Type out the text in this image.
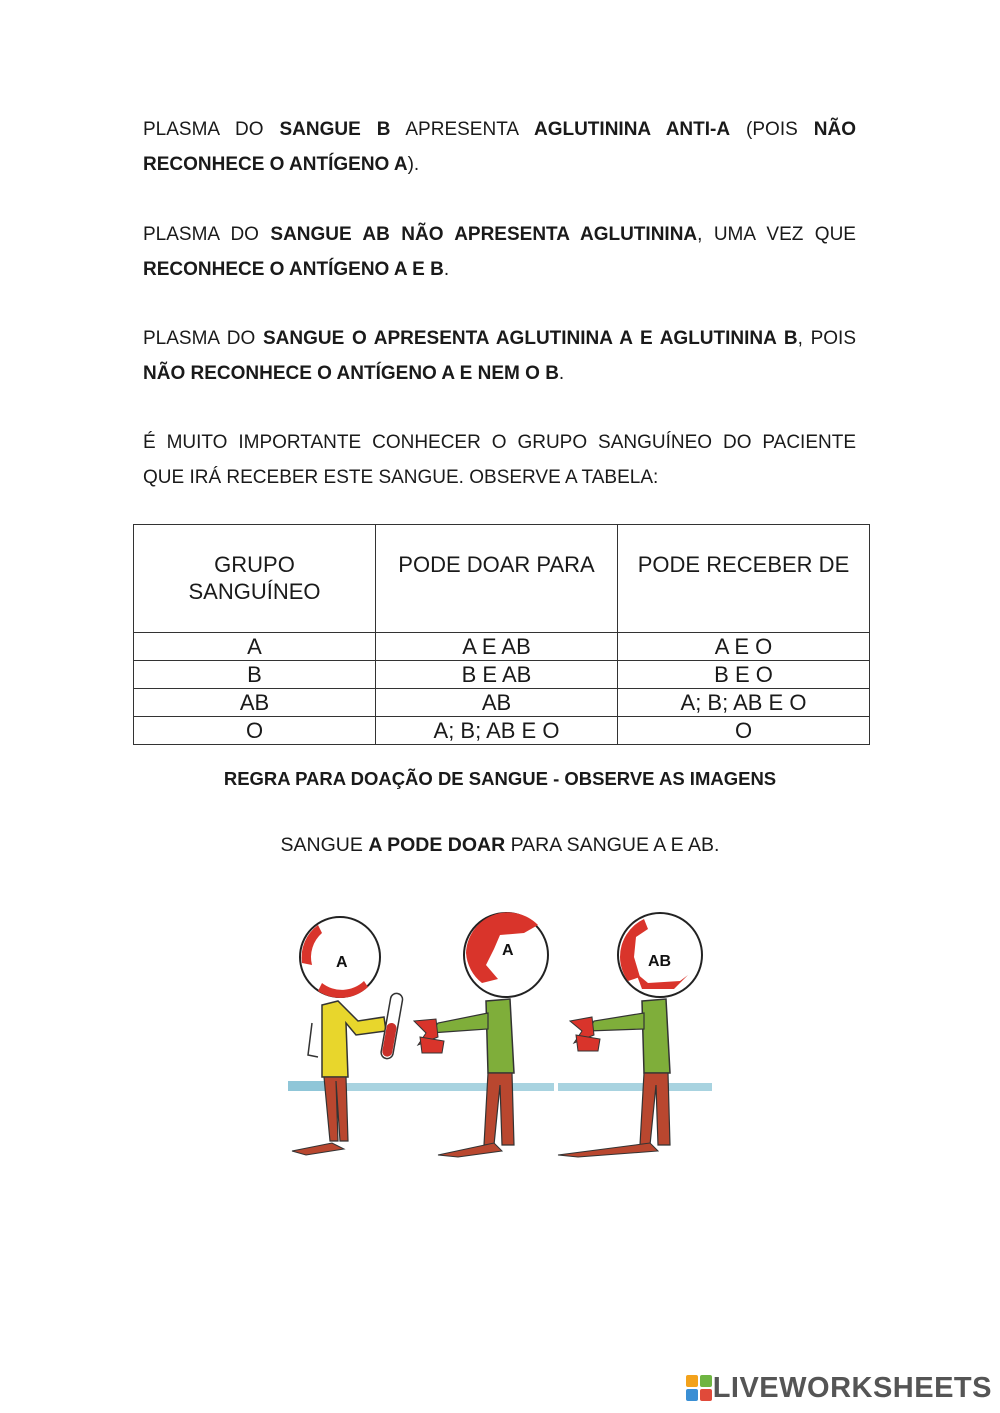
PLASMA DO SANGUE B APRESENTA AGLUTININA ANTI-A (POIS NÃO RECONHECE O ANTÍGENO A).

PLASMA DO SANGUE AB NÃO APRESENTA AGLUTININA, UMA VEZ QUE RECONHECE O ANTÍGENO A E B.

PLASMA DO SANGUE O APRESENTA AGLUTININA A E AGLUTININA B, POIS NÃO RECONHECE O ANTÍGENO A E NEM O B.

É MUITO IMPORTANTE CONHECER O GRUPO SANGUÍNEO DO PACIENTE QUE IRÁ RECEBER ESTE SANGUE. OBSERVE A TABELA:

GRUPO SANGUÍNEO	PODE DOAR PARA	PODE RECEBER DE
A	A E AB	A E O
B	B E AB	B E O
AB	AB	A; B; AB E O
O	A; B; AB E O	O

REGRA PARA DOAÇÃO DE SANGUE - OBSERVE AS IMAGENS

SANGUE A PODE DOAR PARA SANGUE A E AB.

A
A
AB
LIVEWORKSHEETS
